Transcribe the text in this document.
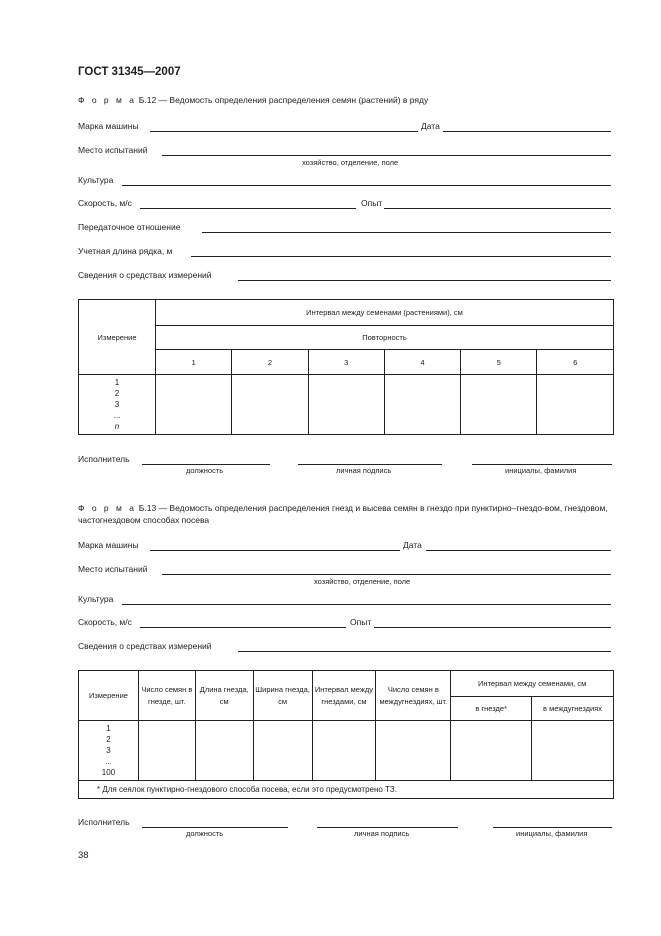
ГОСТ 31345—2007
Ф о р м а Б.12 — Ведомость определения распределения семян (растений) в ряду
Марка машины	Дата
Место испытаний
хозяйство, отделение, поле
Культура
Скорость, м/с	Опыт
Передаточное отношение
Учетная длина рядка, м
Сведения о средствах измерений
Измерение	Интервал между семенами (растениями), см					
	Повторность					
	1	2	3	4	5	6

1
2
3
...
n						

Исполнитель
должность	личная подпись	инициалы, фамилия
Ф о р м а Б.13 — Ведомость определения распределения гнезд и высева семян в гнездо при пунктирно–гнездо-вом, гнездовом, частогнездовом способах посева
Марка машины	Дата
Место испытаний
хозяйство, отделение, поле
Культура
Скорость, м/с	Опыт
Сведения о средствах измерений
Измерение	Число семян в гнезде, шт.	Длина гнезда, см	Ширина гнезда, см	Интервал между гнездами, см	Число семян в междугнездиях, шт.	Интервал между семенами, см	
						в гнезде*	в междугнездиях

1
2
3
...
100							

* Для сеялок пунктирно-гнездового способа посева, если это предусмотрено ТЗ.							
Исполнитель
должность	личная подпись	инициалы, фамилия
38
